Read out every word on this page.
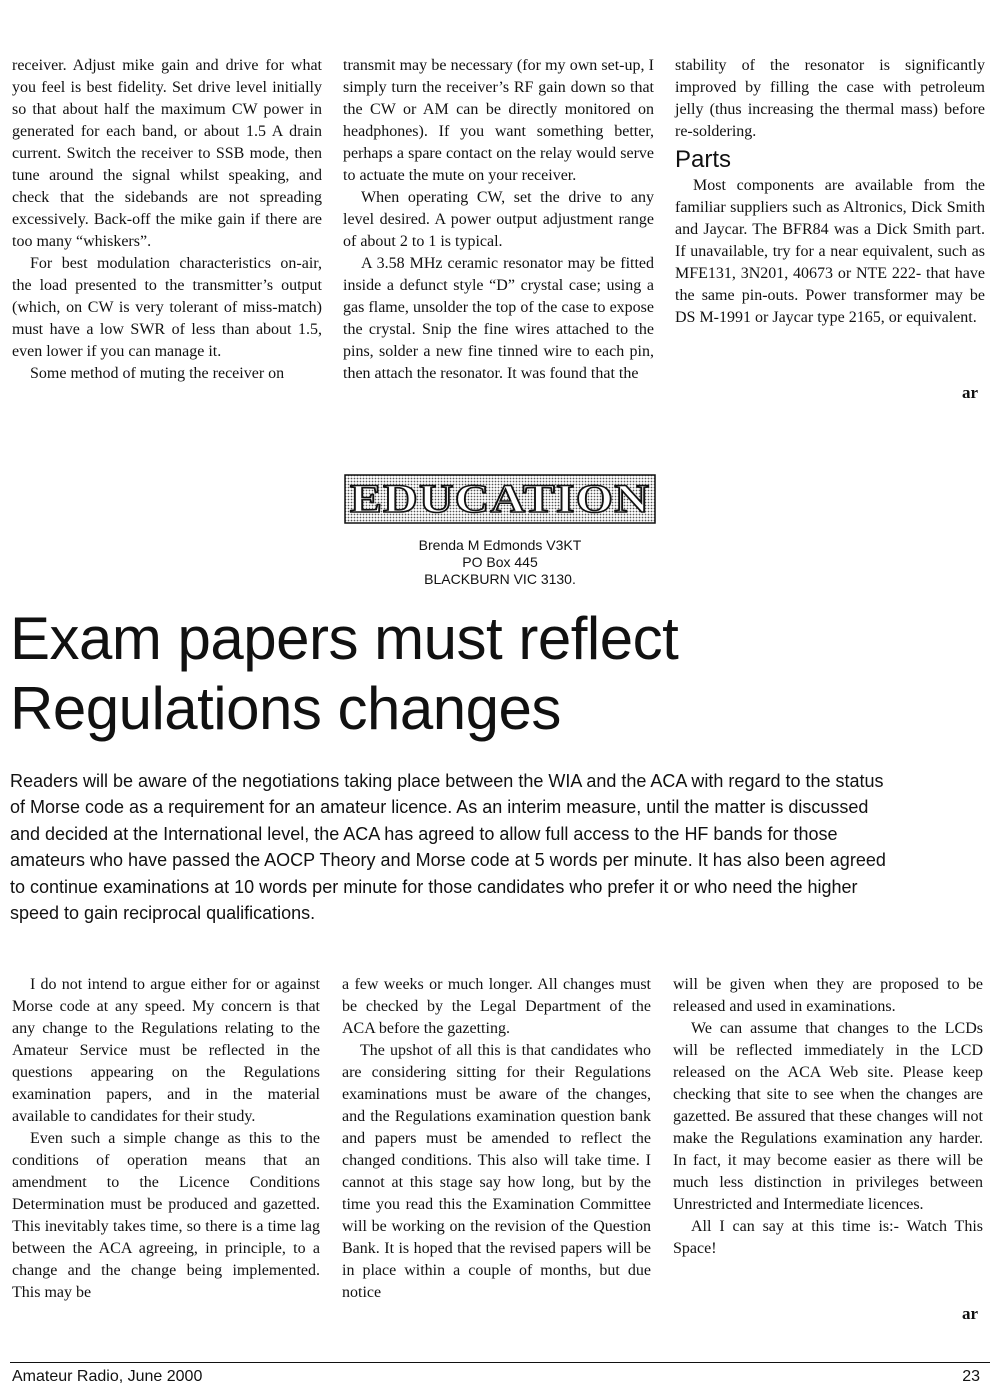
receiver. Adjust mike gain and drive for what you feel is best fidelity. Set drive level initially so that about half the maximum CW power in generated for each band, or about 1.5 A drain current. Switch the receiver to SSB mode, then tune around the signal whilst speaking, and check that the sidebands are not spreading excessively. Back-off the mike gain if there are too many “whiskers”.

For best modulation characteristics on-air, the load presented to the transmitter’s output (which, on CW is very tolerant of miss-match) must have a low SWR of less than about 1.5, even lower if you can manage it.

Some method of muting the receiver on

transmit may be necessary (for my own set-up, I simply turn the receiver’s RF gain down so that the CW or AM can be directly monitored on headphones). If you want something better, perhaps a spare contact on the relay would serve to actuate the mute on your receiver.

When operating CW, set the drive to any level desired. A power output adjustment range of about 2 to 1 is typical.

A 3.58 MHz ceramic resonator may be fitted inside a defunct style “D” crystal case; using a gas flame, unsolder the top of the case to expose the crystal. Snip the fine wires attached to the pins, solder a new fine tinned wire to each pin, then attach the resonator. It was found that the

stability of the resonator is significantly improved by filling the case with petroleum jelly (thus increasing the thermal mass) before re-soldering.

Parts

Most components are available from the familiar suppliers such as Altronics, Dick Smith and Jaycar. The BFR84 was a Dick Smith part. If unavailable, try for a near equivalent, such as MFE131, 3N201, 40673 or NTE 222- that have the same pin-outs. Power transformer may be DS M-1991 or Jaycar type 2165, or equivalent.

ar
EDUCATION
Brenda M Edmonds V3KT
PO Box 445
BLACKBURN VIC 3130.
Exam papers must reflect
Regulations changes

Readers will be aware of the negotiations taking place between the WIA and the ACA with regard to the status of Morse code as a requirement for an amateur licence. As an interim measure, until the matter is discussed and decided at the International level, the ACA has agreed to allow full access to the HF bands for those amateurs who have passed the AOCP Theory and Morse code at 5 words per minute. It has also been agreed to continue examinations at 10 words per minute for those candidates who prefer it or who need the higher speed to gain reciprocal qualifications.

I do not intend to argue either for or against Morse code at any speed. My concern is that any change to the Regulations relating to the Amateur Service must be reflected in the questions appearing on the Regulations examination papers, and in the material available to candidates for their study.

Even such a simple change as this to the conditions of operation means that an amendment to the Licence Conditions Determination must be produced and gazetted. This inevitably takes time, so there is a time lag between the ACA agreeing, in principle, to a change and the change being implemented. This may be

a few weeks or much longer. All changes must be checked by the Legal Department of the ACA before the gazetting.

The upshot of all this is that candidates who are considering sitting for their Regulations examinations must be aware of the changes, and the Regulations examination question bank and papers must be amended to reflect the changed conditions. This also will take time. I cannot at this stage say how long, but by the time you read this the Examination Committee will be working on the revision of the Question Bank. It is hoped that the revised papers will be in place within a couple of months, but due notice

will be given when they are proposed to be released and used in examinations.

We can assume that changes to the LCDs will be reflected immediately in the LCD released on the ACA Web site. Please keep checking that site to see when the changes are gazetted. Be assured that these changes will not make the Regulations examination any harder. In fact, it may become easier as there will be much less distinction in privileges between Unrestricted and Intermediate licences.

All I can say at this time is:- Watch This Space!

ar
Amateur Radio, June 2000	23
